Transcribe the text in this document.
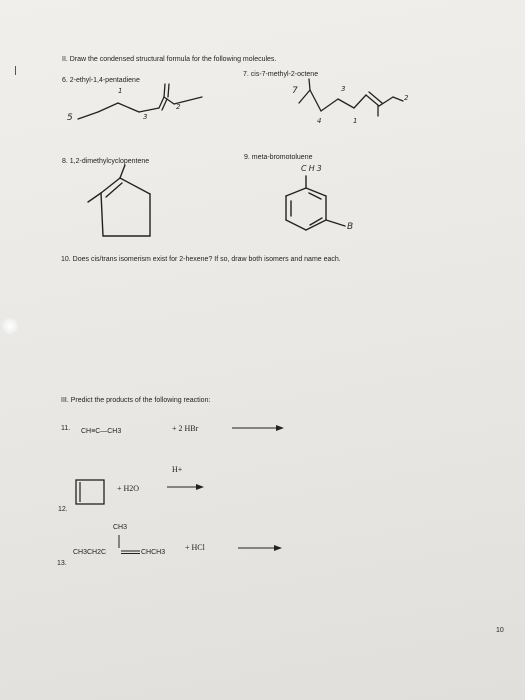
II. Draw the condensed structural formula for the following molecules.
6. 2-ethyl-1,4-pentadiene
7. cis-7-methyl-2-octene
5	3
2
1	7	3
2
4	1
8. 1,2-dimethylcyclopentene
9. meta-bromotoluene
CH3
B
10. Does cis/trans isomerism exist for 2-hexene? If so, draw both isomers and name each.
III. Predict the products of the following reaction:
11. CH≡C—CH3	+ 2 HBr
H+
+ H2O
12.
CH3
CH3CH2C	CHCH3
+ HCl
13.
10
